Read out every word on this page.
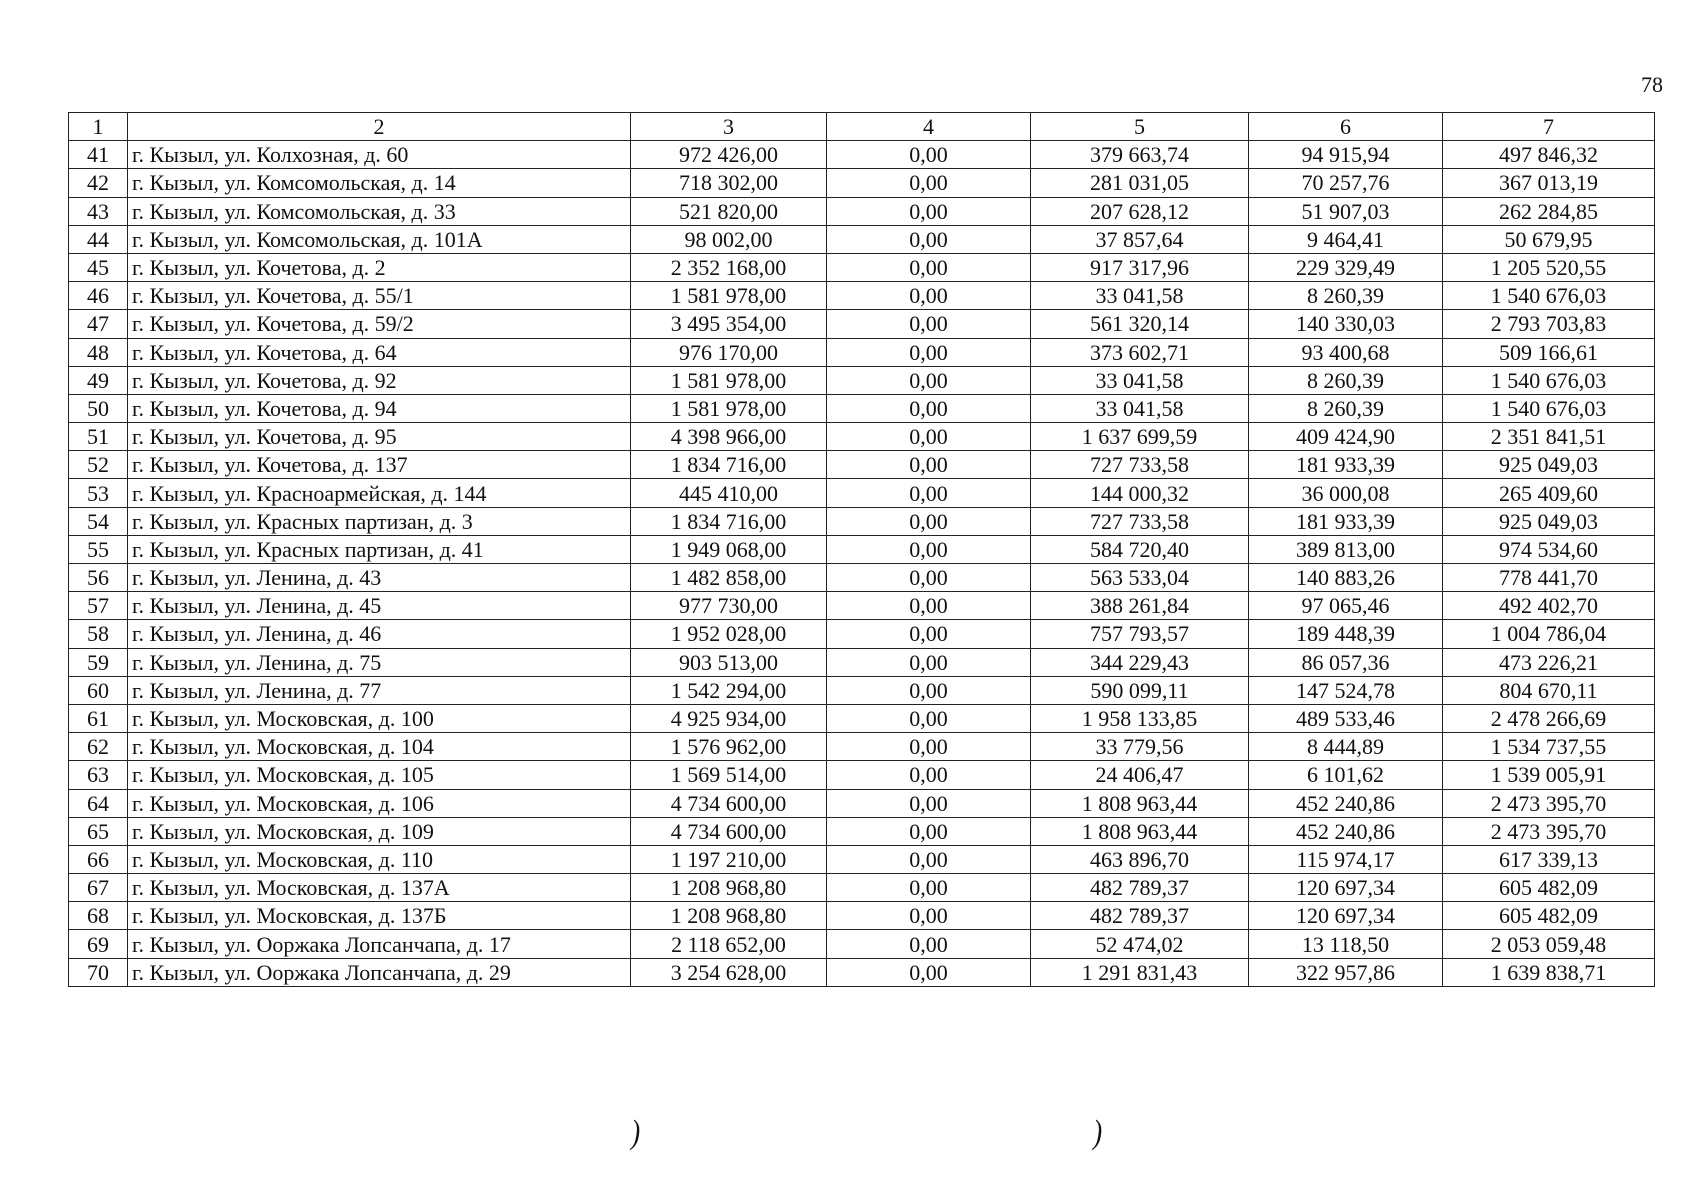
78
1	2	3	4	5	6	7
41	г. Кызыл, ул. Колхозная, д. 60	972 426,00	0,00	379 663,74	94 915,94	497 846,32
42	г. Кызыл, ул. Комсомольская, д. 14	718 302,00	0,00	281 031,05	70 257,76	367 013,19
43	г. Кызыл, ул. Комсомольская, д. 33	521 820,00	0,00	207 628,12	51 907,03	262 284,85
44	г. Кызыл, ул. Комсомольская, д. 101А	98 002,00	0,00	37 857,64	9 464,41	50 679,95
45	г. Кызыл, ул. Кочетова, д. 2	2 352 168,00	0,00	917 317,96	229 329,49	1 205 520,55
46	г. Кызыл, ул. Кочетова, д. 55/1	1 581 978,00	0,00	33 041,58	8 260,39	1 540 676,03
47	г. Кызыл, ул. Кочетова, д. 59/2	3 495 354,00	0,00	561 320,14	140 330,03	2 793 703,83
48	г. Кызыл, ул. Кочетова, д. 64	976 170,00	0,00	373 602,71	93 400,68	509 166,61
49	г. Кызыл, ул. Кочетова, д. 92	1 581 978,00	0,00	33 041,58	8 260,39	1 540 676,03
50	г. Кызыл, ул. Кочетова, д. 94	1 581 978,00	0,00	33 041,58	8 260,39	1 540 676,03
51	г. Кызыл, ул. Кочетова, д. 95	4 398 966,00	0,00	1 637 699,59	409 424,90	2 351 841,51
52	г. Кызыл, ул. Кочетова, д. 137	1 834 716,00	0,00	727 733,58	181 933,39	925 049,03
53	г. Кызыл, ул. Красноармейская, д. 144	445 410,00	0,00	144 000,32	36 000,08	265 409,60
54	г. Кызыл, ул. Красных партизан, д. 3	1 834 716,00	0,00	727 733,58	181 933,39	925 049,03
55	г. Кызыл, ул. Красных партизан, д. 41	1 949 068,00	0,00	584 720,40	389 813,00	974 534,60
56	г. Кызыл, ул. Ленина, д. 43	1 482 858,00	0,00	563 533,04	140 883,26	778 441,70
57	г. Кызыл, ул. Ленина, д. 45	977 730,00	0,00	388 261,84	97 065,46	492 402,70
58	г. Кызыл, ул. Ленина, д. 46	1 952 028,00	0,00	757 793,57	189 448,39	1 004 786,04
59	г. Кызыл, ул. Ленина, д. 75	903 513,00	0,00	344 229,43	86 057,36	473 226,21
60	г. Кызыл, ул. Ленина, д. 77	1 542 294,00	0,00	590 099,11	147 524,78	804 670,11
61	г. Кызыл, ул. Московская, д. 100	4 925 934,00	0,00	1 958 133,85	489 533,46	2 478 266,69
62	г. Кызыл, ул. Московская, д. 104	1 576 962,00	0,00	33 779,56	8 444,89	1 534 737,55
63	г. Кызыл, ул. Московская, д. 105	1 569 514,00	0,00	24 406,47	6 101,62	1 539 005,91
64	г. Кызыл, ул. Московская, д. 106	4 734 600,00	0,00	1 808 963,44	452 240,86	2 473 395,70
65	г. Кызыл, ул. Московская, д. 109	4 734 600,00	0,00	1 808 963,44	452 240,86	2 473 395,70
66	г. Кызыл, ул. Московская, д. 110	1 197 210,00	0,00	463 896,70	115 974,17	617 339,13
67	г. Кызыл, ул. Московская, д. 137А	1 208 968,80	0,00	482 789,37	120 697,34	605 482,09
68	г. Кызыл, ул. Московская, д. 137Б	1 208 968,80	0,00	482 789,37	120 697,34	605 482,09
69	г. Кызыл, ул. Ооржака Лопсанчапа, д. 17	2 118 652,00	0,00	52 474,02	13 118,50	2 053 059,48
70	г. Кызыл, ул. Ооржака Лопсанчапа, д. 29	3 254 628,00	0,00	1 291 831,43	322 957,86	1 639 838,71
)	)
